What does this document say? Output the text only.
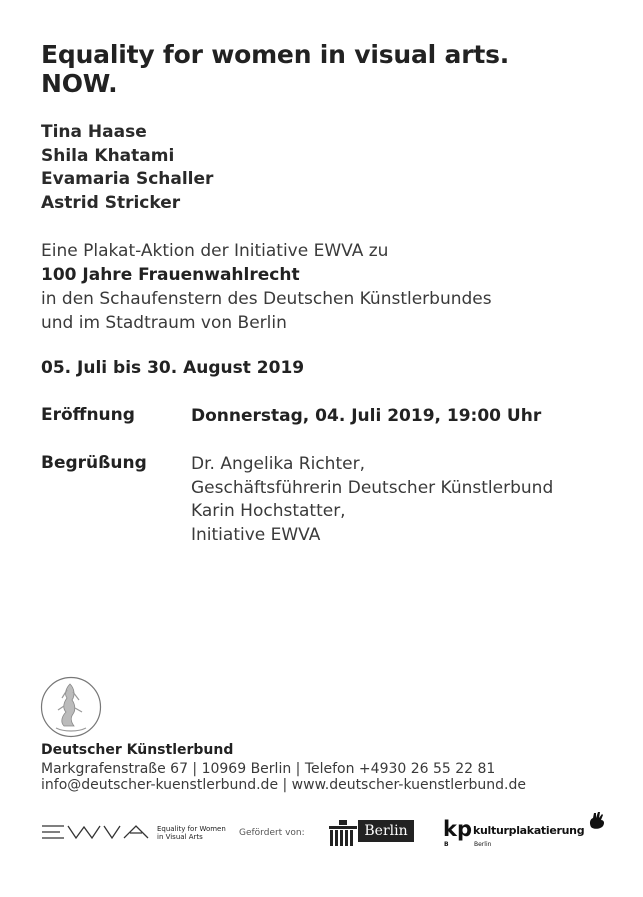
Equality for women in visual arts.
NOW.
Tina Haase
Shila Khatami
Evamaria Schaller
Astrid Stricker
Eine Plakat-Aktion der Initiative EWVA zu
100 Jahre Frauenwahlrecht
in den Schaufenstern des Deutschen Künstlerbundes
und im Stadtraum von Berlin
05. Juli bis 30. August 2019
Eröffnung	Donnerstag, 04. Juli 2019, 19:00 Uhr
Begrüßung	Dr. Angelika Richter,
Geschäftsführerin Deutscher Künstlerbund
Karin Hochstatter,
Initiative EWVA
Deutscher Künstlerbund
Markgrafenstraße 67 | 10969 Berlin | Telefon +4930 26 55 22 81
info@deutscher-kuenstlerbund.de | www.deutscher-kuenstlerbund.de
Equality for Women
in Visual Arts	Gefördert von:	Berlin	kp
B
kulturplakatierung
Berlin
